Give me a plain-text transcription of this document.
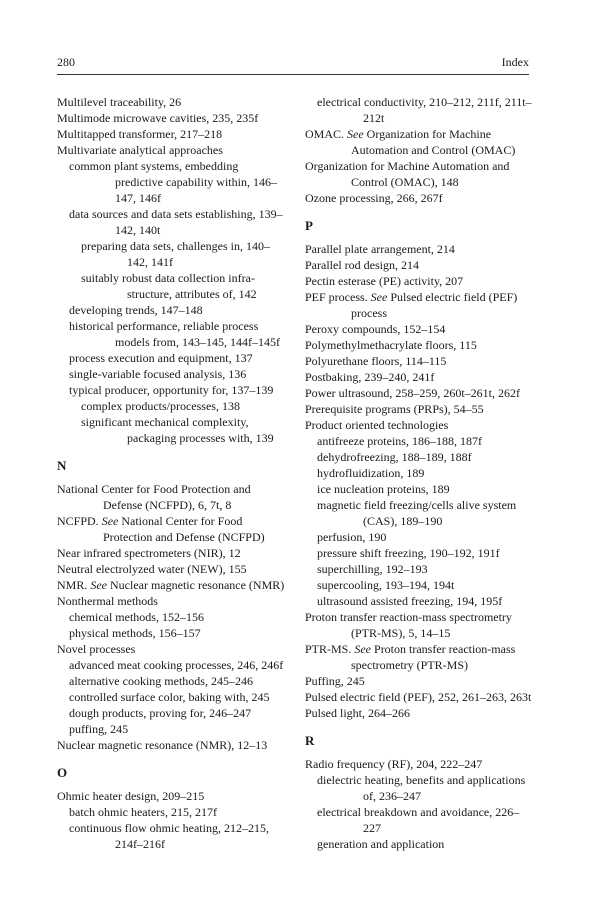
280	Index

Multilevel traceability, 26

Multimode microwave cavities, 235, 235f

Multitapped transformer, 217–218

Multivariate analytical approaches

common plant systems, embedding predictive capability within, 146–147, 146f

data sources and data sets establishing, 139–142, 140t

preparing data sets, challenges in, 140–142, 141f

suitably robust data collection infra-structure, attributes of, 142

developing trends, 147–148

historical performance, reliable process models from, 143–145, 144f–145f

process execution and equipment, 137

single-variable focused analysis, 136

typical producer, opportunity for, 137–139

complex products/processes, 138

significant mechanical complexity, packaging processes with, 139

N

National Center for Food Protection and Defense (NCFPD), 6, 7t, 8

NCFPD. See National Center for Food Protection and Defense (NCFPD)

Near infrared spectrometers (NIR), 12

Neutral electrolyzed water (NEW), 155

NMR. See Nuclear magnetic resonance (NMR)

Nonthermal methods

chemical methods, 152–156

physical methods, 156–157

Novel processes

advanced meat cooking processes, 246, 246f

alternative cooking methods, 245–246

controlled surface color, baking with, 245

dough products, proving for, 246–247

puffing, 245

Nuclear magnetic resonance (NMR), 12–13

O

Ohmic heater design, 209–215

batch ohmic heaters, 215, 217f

continuous flow ohmic heating, 212–215, 214f–216f

electrical conductivity, 210–212, 211f, 211t–212t

OMAC. See Organization for Machine Automation and Control (OMAC)

Organization for Machine Automation and Control (OMAC), 148

Ozone processing, 266, 267f

P

Parallel plate arrangement, 214

Parallel rod design, 214

Pectin esterase (PE) activity, 207

PEF process. See Pulsed electric field (PEF) process

Peroxy compounds, 152–154

Polymethylmethacrylate floors, 115

Polyurethane floors, 114–115

Postbaking, 239–240, 241f

Power ultrasound, 258–259, 260t–261t, 262f

Prerequisite programs (PRPs), 54–55

Product oriented technologies

antifreeze proteins, 186–188, 187f

dehydrofreezing, 188–189, 188f

hydrofluidization, 189

ice nucleation proteins, 189

magnetic field freezing/cells alive system (CAS), 189–190

perfusion, 190

pressure shift freezing, 190–192, 191f

superchilling, 192–193

supercooling, 193–194, 194t

ultrasound assisted freezing, 194, 195f

Proton transfer reaction-mass spectrometry (PTR-MS), 5, 14–15

PTR-MS. See Proton transfer reaction-mass spectrometry (PTR-MS)

Puffing, 245

Pulsed electric field (PEF), 252, 261–263, 263t

Pulsed light, 264–266

R

Radio frequency (RF), 204, 222–247

dielectric heating, benefits and applications of, 236–247

electrical breakdown and avoidance, 226–227

generation and application
